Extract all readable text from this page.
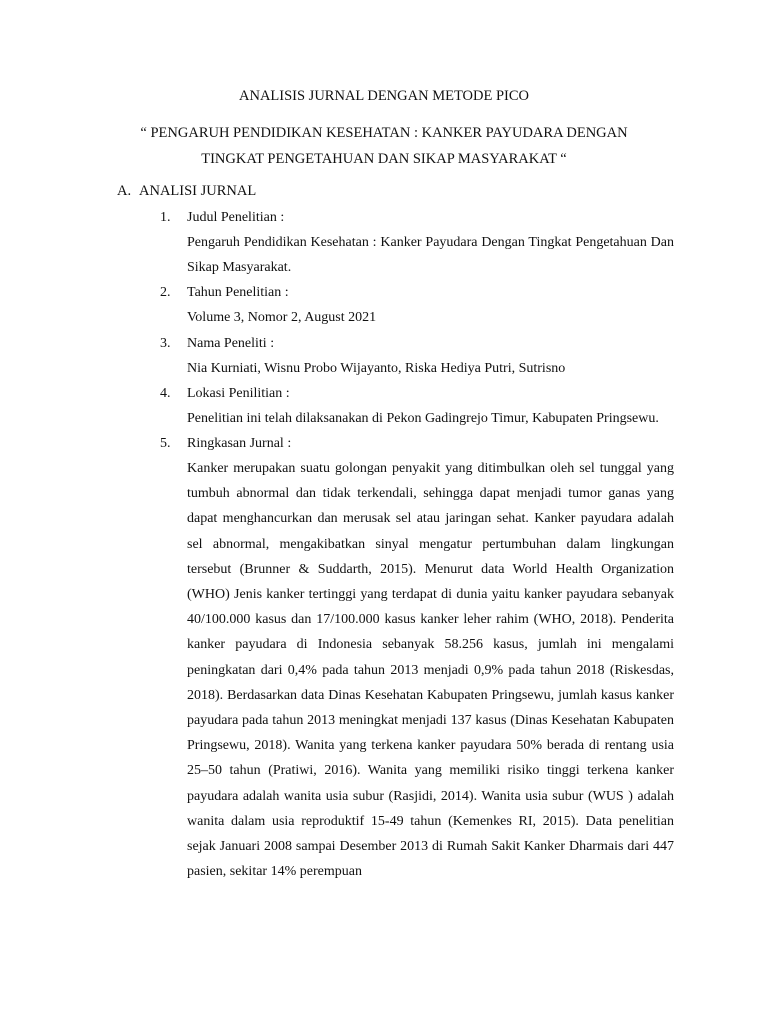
ANALISIS JURNAL DENGAN METODE PICO
“ PENGARUH PENDIDIKAN KESEHATAN : KANKER PAYUDARA DENGAN
TINGKAT PENGETAHUAN DAN SIKAP MASYARAKAT “
A. ANALISI JURNAL
1. Judul Penelitian :
Pengaruh Pendidikan Kesehatan : Kanker Payudara Dengan Tingkat Pengetahuan Dan Sikap Masyarakat.
2. Tahun Penelitian :
Volume 3, Nomor 2, August 2021
3. Nama Peneliti :
Nia Kurniati, Wisnu Probo Wijayanto, Riska Hediya Putri, Sutrisno
4. Lokasi Penilitian :
Penelitian ini telah dilaksanakan di Pekon Gadingrejo Timur, Kabupaten Pringsewu.
5. Ringkasan Jurnal :
Kanker merupakan suatu golongan penyakit yang ditimbulkan oleh sel tunggal yang tumbuh abnormal dan tidak terkendali, sehingga dapat menjadi tumor ganas yang dapat menghancurkan dan merusak sel atau jaringan sehat. Kanker payudara adalah sel abnormal, mengakibatkan sinyal mengatur pertumbuhan dalam lingkungan tersebut (Brunner & Suddarth, 2015). Menurut data World Health Organization (WHO) Jenis kanker tertinggi yang terdapat di dunia yaitu kanker payudara sebanyak 40/100.000 kasus dan 17/100.000 kasus kanker leher rahim (WHO, 2018). Penderita kanker payudara di Indonesia sebanyak 58.256 kasus, jumlah ini mengalami peningkatan dari 0,4% pada tahun 2013 menjadi 0,9% pada tahun 2018 (Riskesdas, 2018). Berdasarkan data Dinas Kesehatan Kabupaten Pringsewu, jumlah kasus kanker payudara pada tahun 2013 meningkat menjadi 137 kasus (Dinas Kesehatan Kabupaten Pringsewu, 2018). Wanita yang terkena kanker payudara 50% berada di rentang usia 25–50 tahun (Pratiwi, 2016). Wanita yang memiliki risiko tinggi terkena kanker payudara adalah wanita usia subur (Rasjidi, 2014). Wanita usia subur (WUS ) adalah wanita dalam usia reproduktif 15-49 tahun (Kemenkes RI, 2015). Data penelitian sejak Januari 2008 sampai Desember 2013 di Rumah Sakit Kanker Dharmais dari 447 pasien, sekitar 14% perempuan
